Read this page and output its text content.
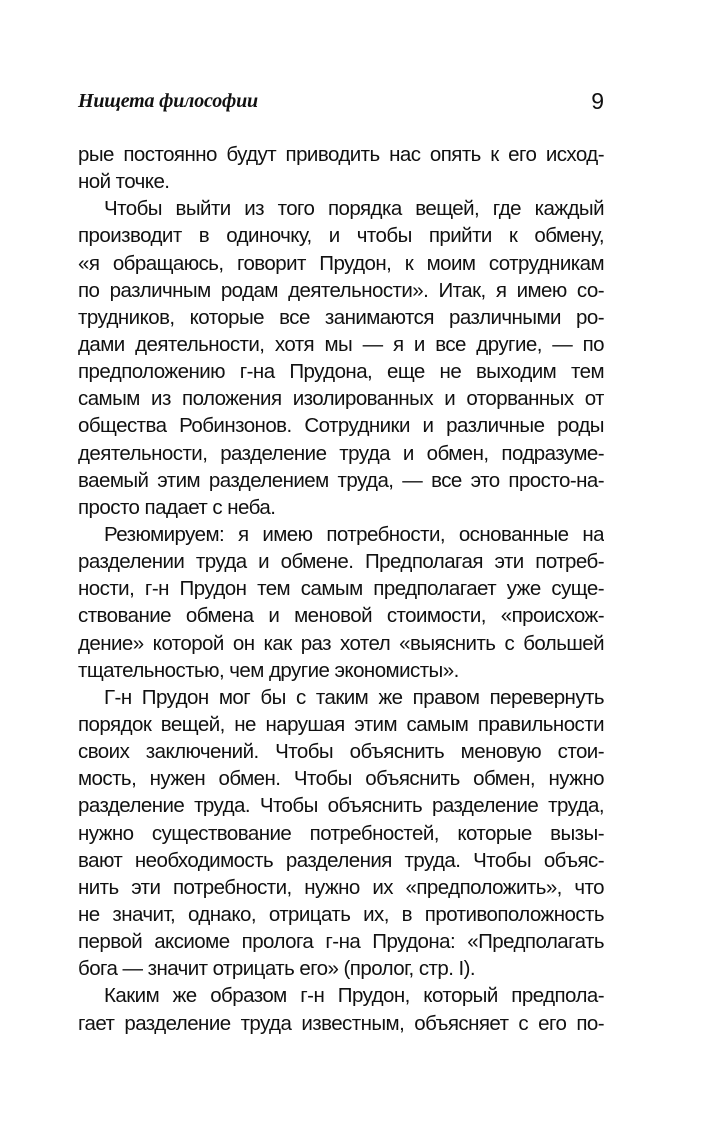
Нищета философии	9
рые постоянно будут приводить нас опять к его исход-
ной точке.
Чтобы выйти из того порядка вещей, где каждый
производит в одиночку, и чтобы прийти к обмену,
«я обращаюсь, говорит Прудон, к моим сотрудникам
по различным родам деятельности». Итак, я имею со-
трудников, которые все занимаются различными ро-
дами деятельности, хотя мы — я и все другие, — по
предположению г-на Прудона, еще не выходим тем
самым из положения изолированных и оторванных от
общества Робинзонов. Сотрудники и различные роды
деятельности, разделение труда и обмен, подразуме-
ваемый этим разделением труда, — все это просто-на-
просто падает с неба.
Резюмируем: я имею потребности, основанные на
разделении труда и обмене. Предполагая эти потреб-
ности, г-н Прудон тем самым предполагает уже суще-
ствование обмена и меновой стоимости, «происхож-
дение» которой он как раз хотел «выяснить с большей
тщательностью, чем другие экономисты».
Г-н Прудон мог бы с таким же правом перевернуть
порядок вещей, не нарушая этим самым правильности
своих заключений. Чтобы объяснить меновую стои-
мость, нужен обмен. Чтобы объяснить обмен, нужно
разделение труда. Чтобы объяснить разделение труда,
нужно существование потребностей, которые вызы-
вают необходимость разделения труда. Чтобы объяс-
нить эти потребности, нужно их «предположить», что
не значит, однако, отрицать их, в противоположность
первой аксиоме пролога г-на Прудона: «Предполагать
бога — значит отрицать его» (пролог, стр. I).
Каким же образом г-н Прудон, который предпола-
гает разделение труда известным, объясняет с его по-
